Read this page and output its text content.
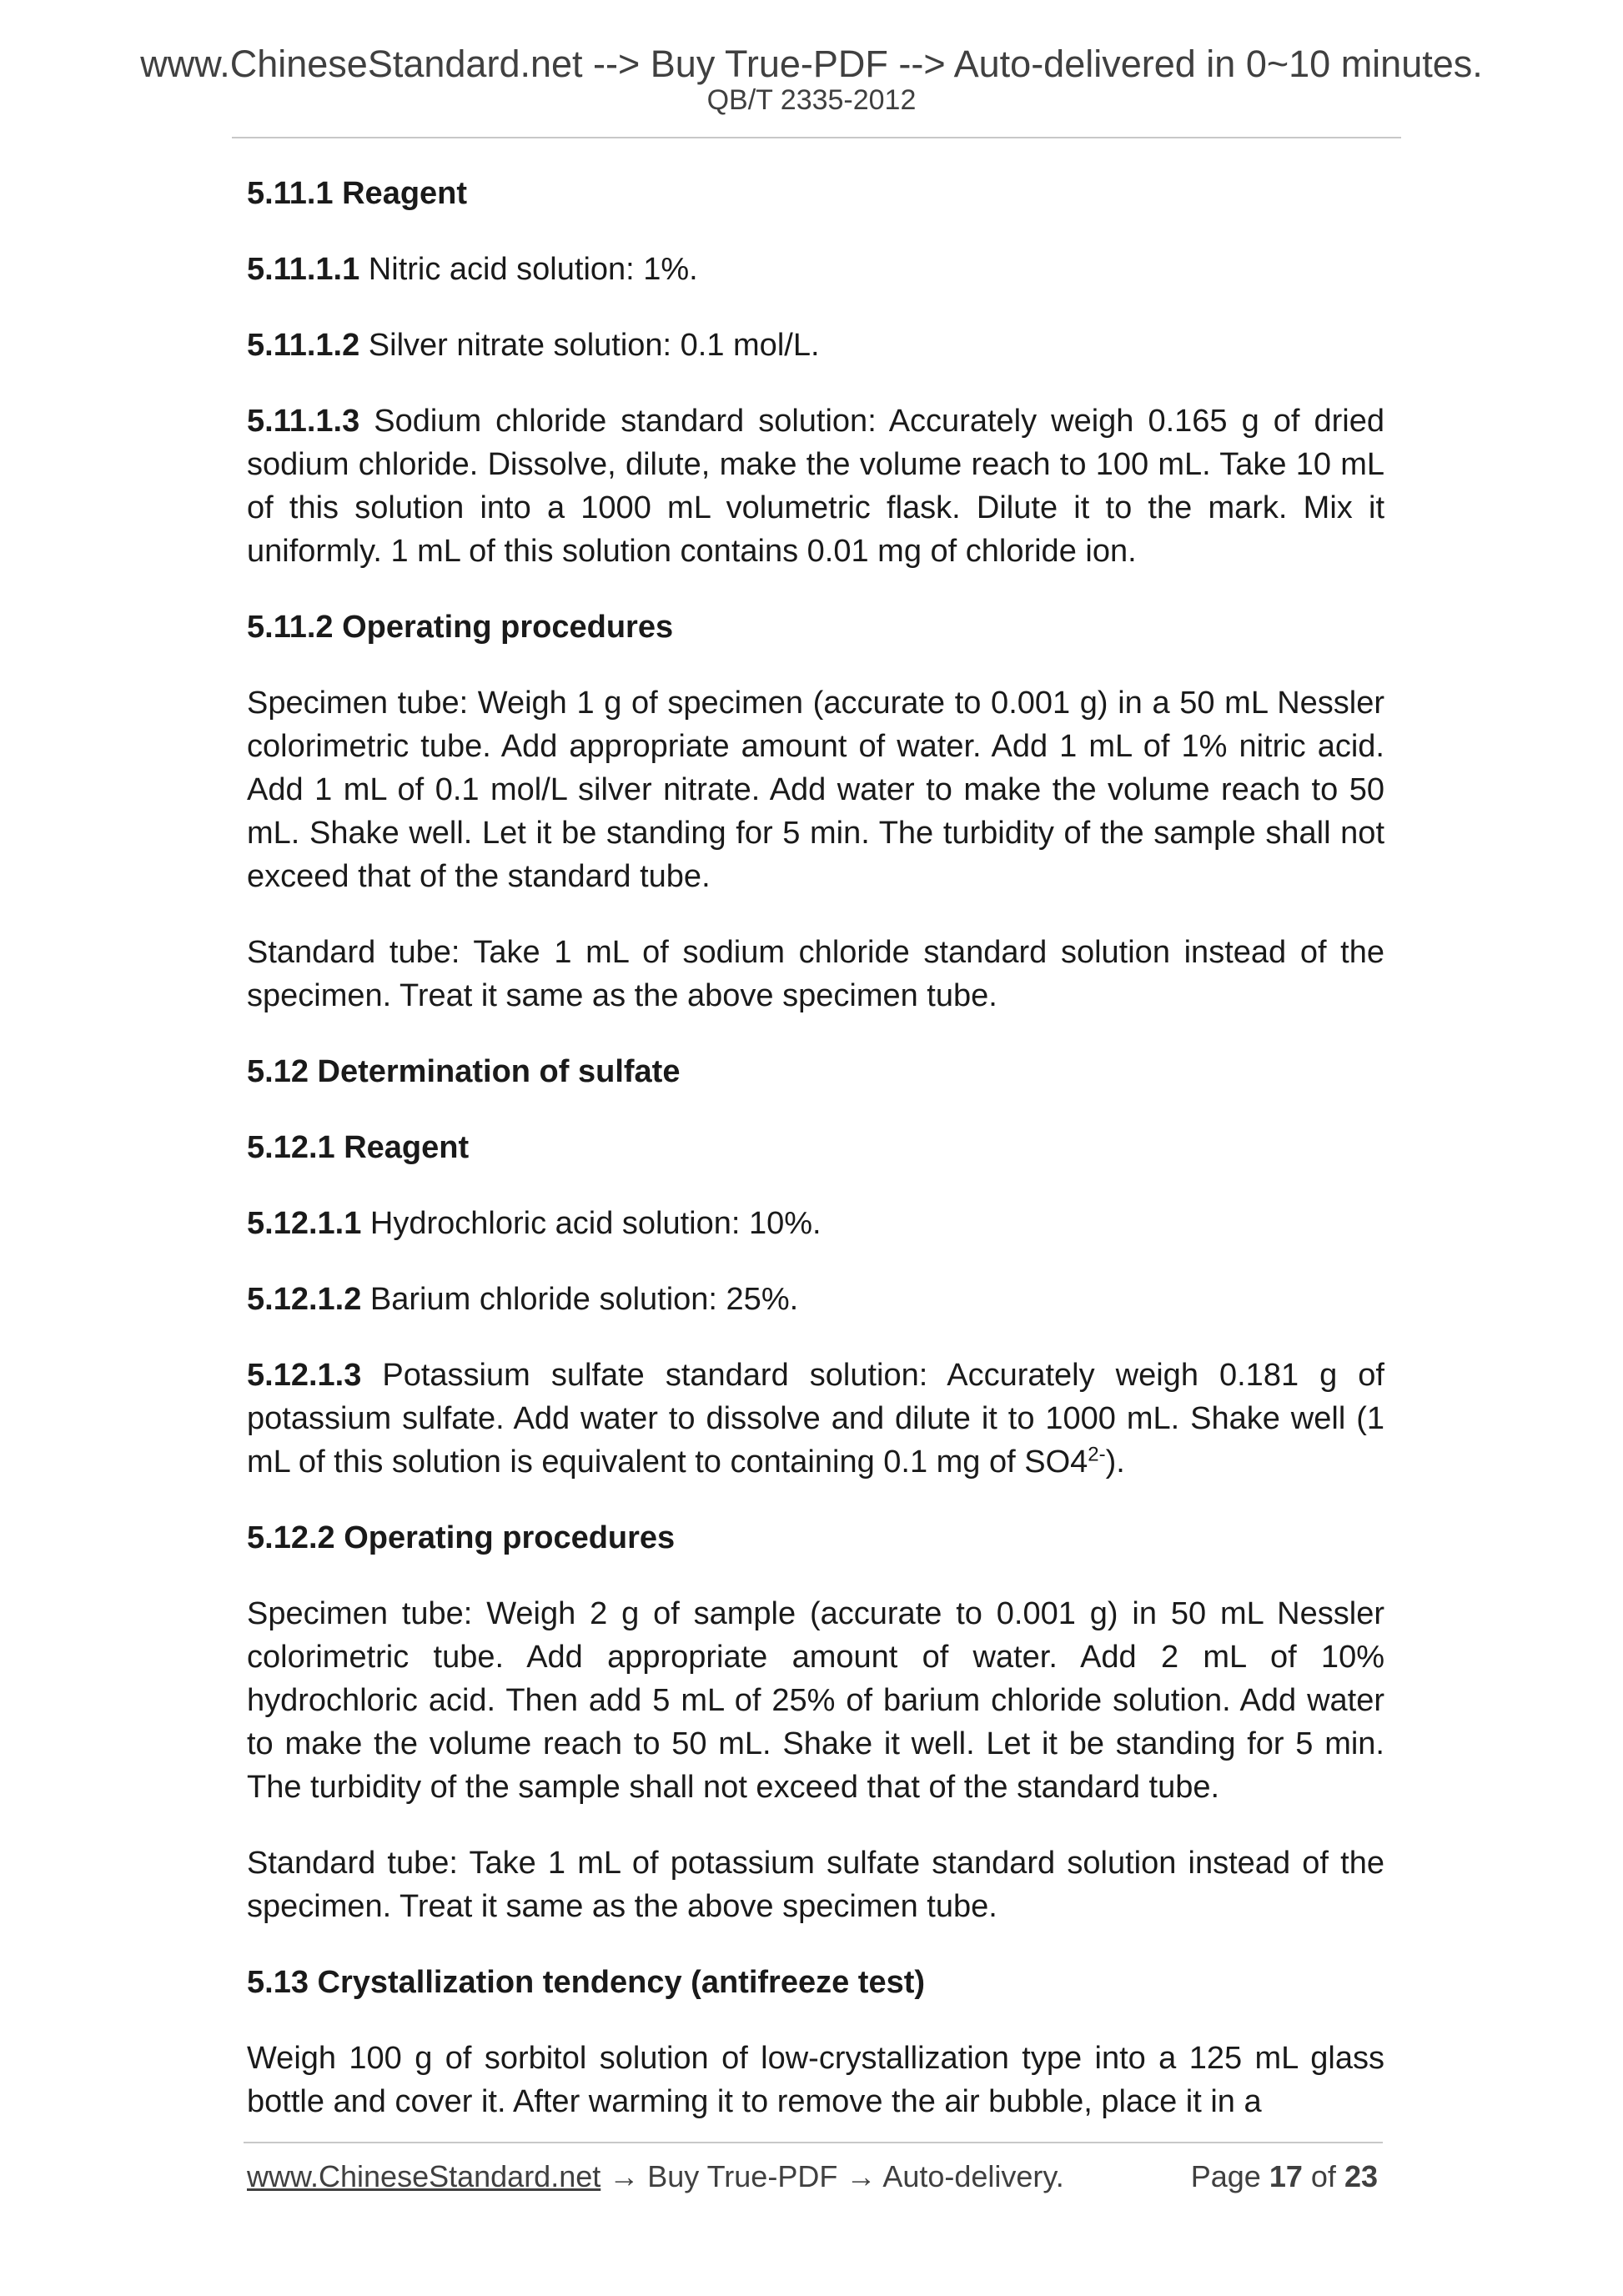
www.ChineseStandard.net --> Buy True-PDF --> Auto-delivered in 0~10 minutes.
QB/T 2335-2012
5.11.1 Reagent
5.11.1.1 Nitric acid solution: 1%.
5.11.1.2 Silver nitrate solution: 0.1 mol/L.
5.11.1.3 Sodium chloride standard solution: Accurately weigh 0.165 g of dried sodium chloride. Dissolve, dilute, make the volume reach to 100 mL. Take 10 mL of this solution into a 1000 mL volumetric flask. Dilute it to the mark. Mix it uniformly. 1 mL of this solution contains 0.01 mg of chloride ion.
5.11.2 Operating procedures
Specimen tube: Weigh 1 g of specimen (accurate to 0.001 g) in a 50 mL Nessler colorimetric tube. Add appropriate amount of water. Add 1 mL of 1% nitric acid. Add 1 mL of 0.1 mol/L silver nitrate. Add water to make the volume reach to 50 mL. Shake well. Let it be standing for 5 min. The turbidity of the sample shall not exceed that of the standard tube.
Standard tube: Take 1 mL of sodium chloride standard solution instead of the specimen. Treat it same as the above specimen tube.
5.12 Determination of sulfate
5.12.1 Reagent
5.12.1.1 Hydrochloric acid solution: 10%.
5.12.1.2 Barium chloride solution: 25%.
5.12.1.3 Potassium sulfate standard solution: Accurately weigh 0.181 g of potassium sulfate. Add water to dissolve and dilute it to 1000 mL. Shake well (1 mL of this solution is equivalent to containing 0.1 mg of $SO4^{2-}$).
5.12.2 Operating procedures
Specimen tube: Weigh 2 g of sample (accurate to 0.001 g) in 50 mL Nessler colorimetric tube. Add appropriate amount of water. Add 2 mL of 10% hydrochloric acid. Then add 5 mL of 25% of barium chloride solution. Add water to make the volume reach to 50 mL. Shake it well. Let it be standing for 5 min. The turbidity of the sample shall not exceed that of the standard tube.
Standard tube: Take 1 mL of potassium sulfate standard solution instead of the specimen. Treat it same as the above specimen tube.
5.13 Crystallization tendency (antifreeze test)
Weigh 100 g of sorbitol solution of low-crystallization type into a 125 mL glass bottle and cover it. After warming it to remove the air bubble, place it in a
www.ChineseStandard.net → Buy True-PDF → Auto-delivery.	Page 17 of 23
